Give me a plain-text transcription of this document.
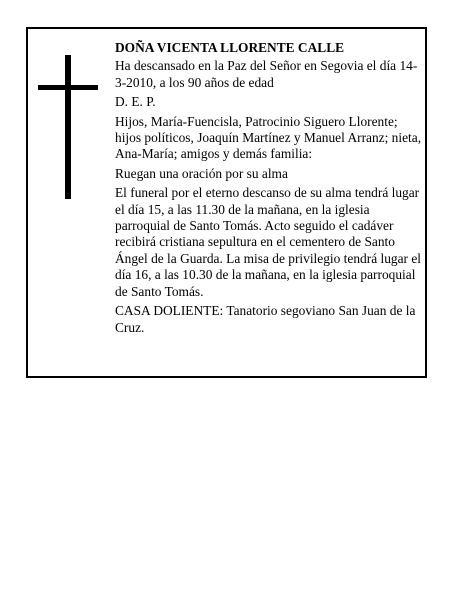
DOÑA VICENTA LLORENTE CALLE

Ha descansado en la Paz del Señor en Segovia el día 14-3-2010, a los 90 años de edad

D. E. P.

Hijos, María-Fuencisla, Patrocinio Siguero Llorente; hijos políticos, Joaquín Martínez y Manuel Arranz; nieta, Ana-María; amigos y demás familia:

Ruegan una oración por su alma

El funeral por el eterno descanso de su alma tendrá lugar el día 15, a las 11.30 de la mañana, en la iglesia parroquial de Santo Tomás. Acto seguido el cadáver recibirá cristiana sepultura en el cementero de Santo Ángel de la Guarda. La misa de privilegio tendrá lugar el día 16, a las 10.30 de la mañana, en la iglesia parroquial de Santo Tomás.

CASA DOLIENTE: Tanatorio segoviano San Juan de la Cruz.
